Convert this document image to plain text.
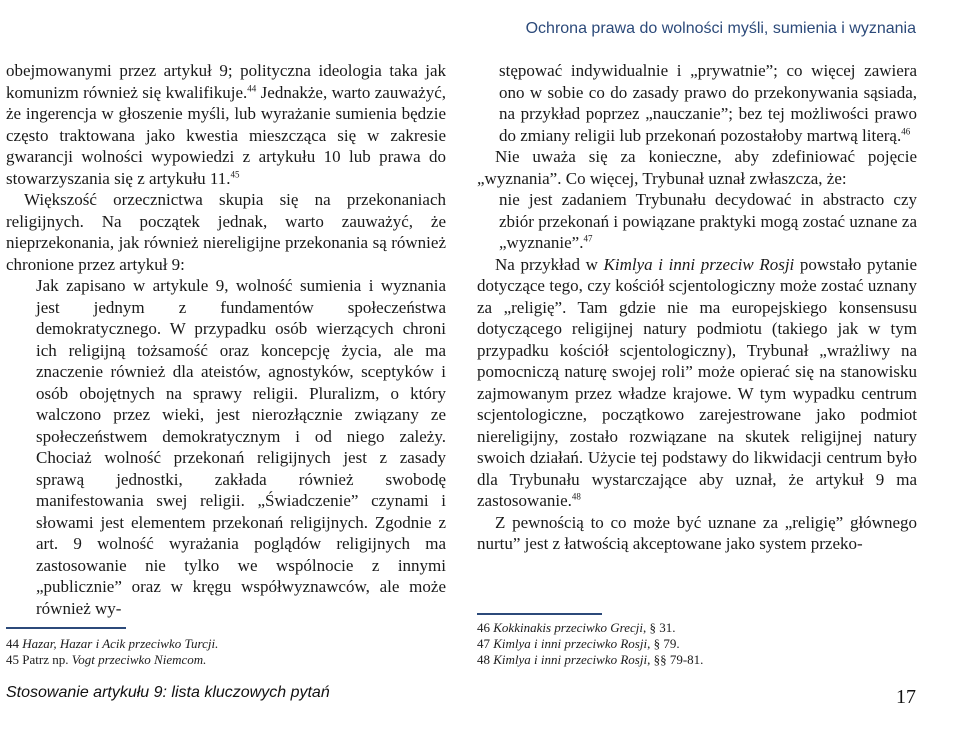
Ochrona prawa do wolności myśli, sumienia i wyznania

obejmowanymi przez artykuł 9; polityczna ideologia taka jak komunizm również się kwalifikuje.$^{44}$ Jednakże, warto zauważyć, że ingerencja w głoszenie myśli, lub wyrażanie sumienia będzie często traktowana jako kwestia mieszcząca się w zakresie gwarancji wolności wypowiedzi z artykułu 10 lub prawa do stowarzyszania się z artykułu 11.45

Większość orzecznictwa skupia się na przekonaniach religijnych. Na początek jednak, warto zauważyć, że nieprzekonania, jak również niereligijne przekonania są również chronione przez artykuł 9:

Jak zapisano w artykule 9, wolność sumienia i wyznania jest jednym z fundamentów społeczeństwa demokratycznego. W przypadku osób wierzących chroni ich religijną tożsamość oraz koncepcję życia, ale ma znaczenie również dla ateistów, agnostyków, sceptyków i osób obojętnych na sprawy religii. Pluralizm, o który walczono przez wieki, jest nierozłącznie związany ze społeczeństwem demokratycznym i od niego zależy. Chociaż wolność przekonań religijnych jest z zasady sprawą jednostki, zakłada również swobodę manifestowania swej religii. „Świadczenie” czynami i słowami jest elementem przekonań religijnych. Zgodnie z art. 9 wolność wyrażania poglądów religijnych ma zastosowanie nie tylko we wspólnocie z innymi „publicznie” oraz w kręgu współwyznawców, ale może również wy-

44 Hazar, Hazar i Acik przeciwko Turcji.
45 Patrz np. Vogt przeciwko Niemcom.

stępować indywidualnie i „prywatnie”; co więcej zawiera ono w sobie co do zasady prawo do przekonywania sąsiada, na przykład poprzez „nauczanie”; bez tej możliwości prawo do zmiany religii lub przekonań pozostałoby martwą literą.$^{46}$

Nie uważa się za konieczne, aby zdefiniować pojęcie „wyznania”. Co więcej, Trybunał uznał zwłaszcza, że:

nie jest zadaniem Trybunału decydować in abstracto czy zbiór przekonań i powiązane praktyki mogą zostać uznane za „wyznanie”.$^{47}$

Na przykład w Kimlya i inni przeciw Rosji powstało pytanie dotyczące tego, czy kościół scjentologiczny może zostać uznany za „religię”. Tam gdzie nie ma europejskiego konsensusu dotyczącego religijnej natury podmiotu (takiego jak w tym przypadku kościół scjentologiczny), Trybunał „wrażliwy na pomocniczą naturę swojej roli” może opierać się na stanowisku zajmowanym przez władze krajowe. W tym wypadku centrum scjentologiczne, początkowo zarejestrowane jako podmiot niereligijny, zostało rozwiązane na skutek religijnej natury swoich działań. Użycie tej podstawy do likwidacji centrum było dla Trybunału wystarczające aby uznał, że artykuł 9 ma zastosowanie.$^{48}$

Z pewnością to co może być uznane za „religię” głównego nurtu” jest z łatwością akceptowane jako system przeko-

46 Kokkinakis przeciwko Grecji, § 31.
47 Kimlya i inni przeciwko Rosji, § 79.
48 Kimlya i inni przeciwko Rosji, §§ 79-81.
Stosowanie artykułu 9: lista kluczowych pytań	17
